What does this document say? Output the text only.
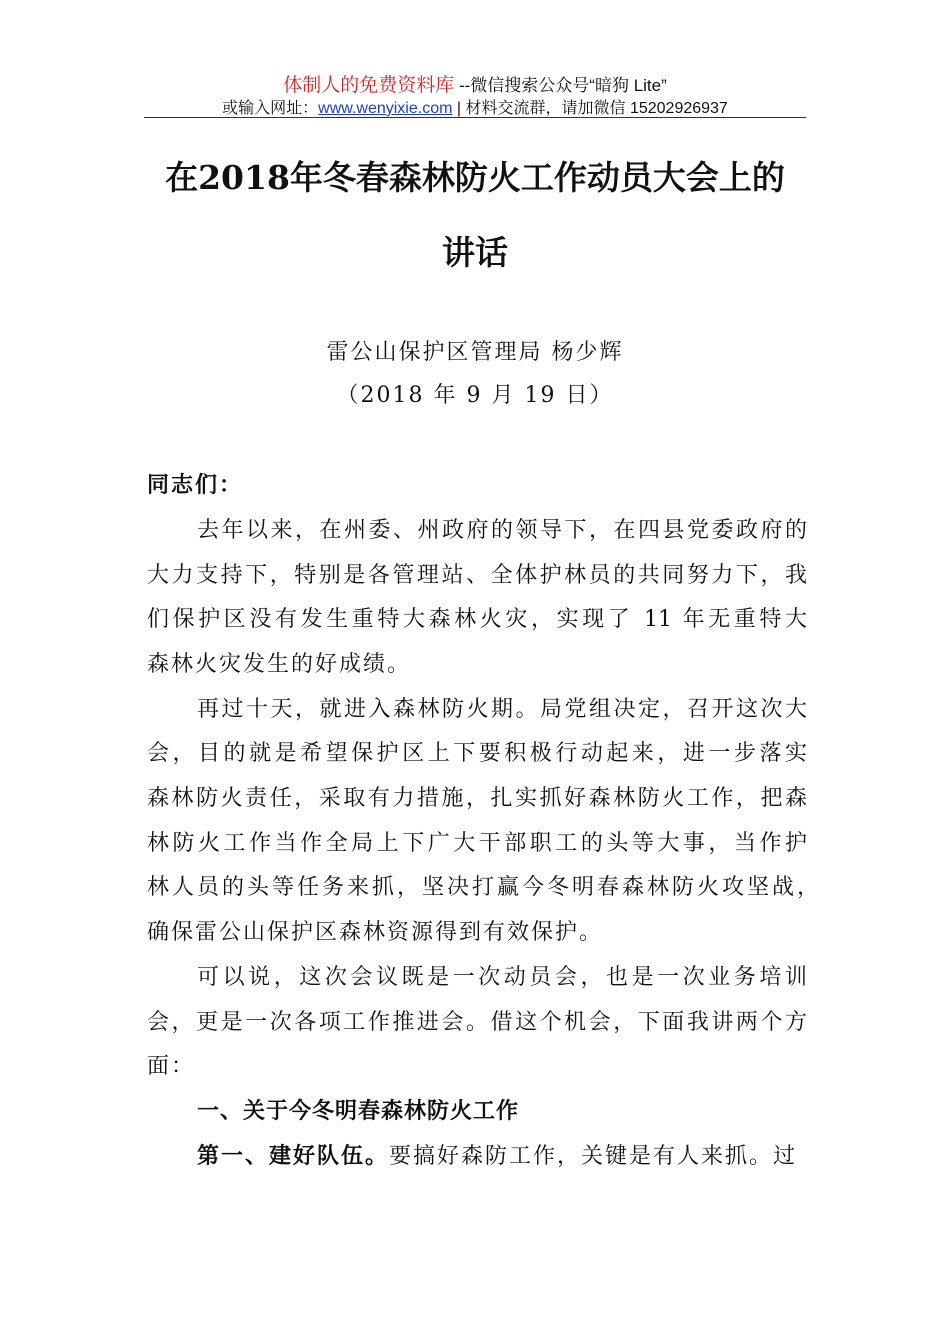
体制人的免费资料库 --微信搜索公众号“暗狗 Lite”
或输入网址：www.wenyixie.com | 材料交流群，请加微信 15202926937
在2018年冬春森林防火工作动员大会上的
讲话
雷公山保护区管理局 杨少辉
（2018 年 9 月 19 日）
同志们：
去年以来，在州委、州政府的领导下，在四县党委政府的
大力支持下，特别是各管理站、全体护林员的共同努力下，我
们保护区没有发生重特大森林火灾，实现了 11 年无重特大
森林火灾发生的好成绩。
再过十天，就进入森林防火期。局党组决定，召开这次大
会，目的就是希望保护区上下要积极行动起来，进一步落实
森林防火责任，采取有力措施，扎实抓好森林防火工作，把森
林防火工作当作全局上下广大干部职工的头等大事，当作护
林人员的头等任务来抓，坚决打赢今冬明春森林防火攻坚战，
确保雷公山保护区森林资源得到有效保护。
可以说，这次会议既是一次动员会，也是一次业务培训
会，更是一次各项工作推进会。借这个机会，下面我讲两个方
面：
一、关于今冬明春森林防火工作
第一、建好队伍。要搞好森防工作，关键是有人来抓。过
